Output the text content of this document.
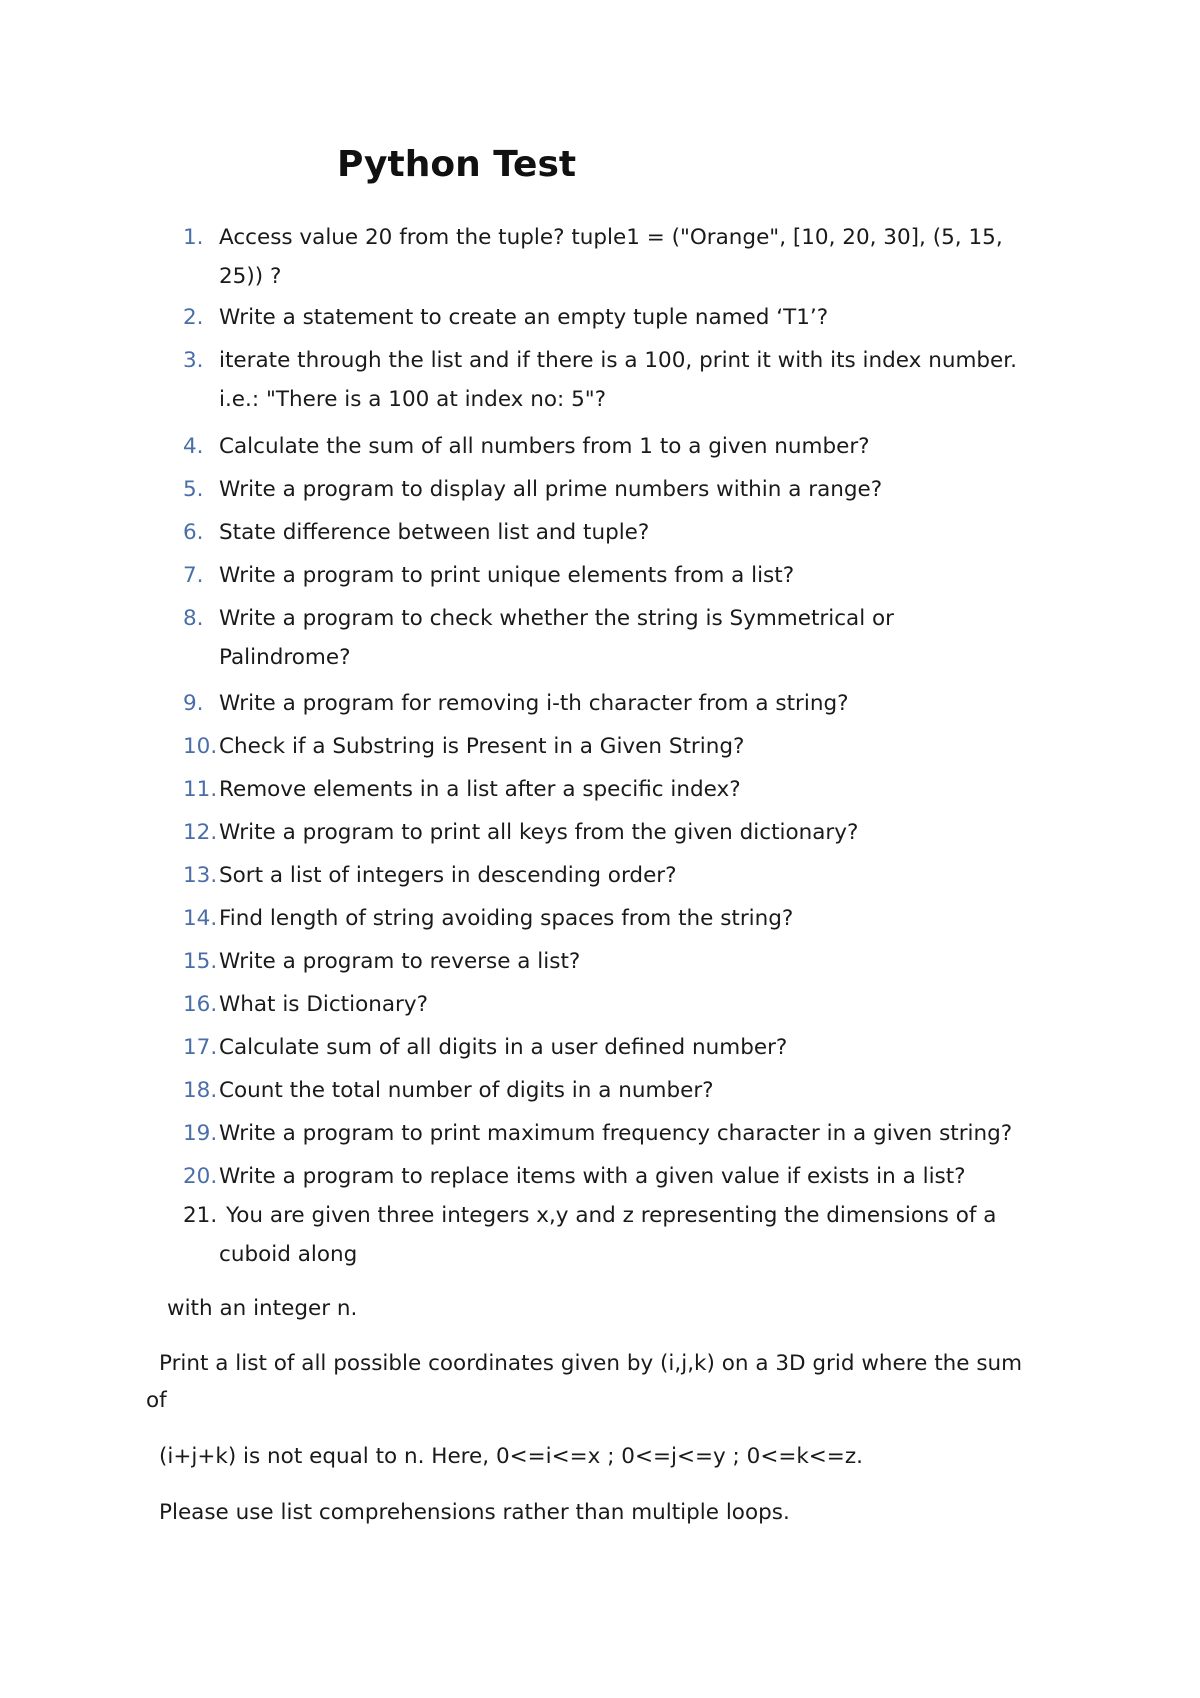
Python Test
1. Access value 20 from the tuple? tuple1 = ("Orange", [10, 20, 30], (5, 15,
25)) ?
2. Write a statement to create an empty tuple named ‘T1’?
3. iterate through the list and if there is a 100, print it with its index number.
i.e.: "There is a 100 at index no: 5"?
4. Calculate the sum of all numbers from 1 to a given number?
5. Write a program to display all prime numbers within a range?
6. State difference between list and tuple?
7. Write a program to print unique elements from a list?
8. Write a program to check whether the string is Symmetrical or
Palindrome?
9. Write a program for removing i-th character from a string?
10. Check if a Substring is Present in a Given String?
11. Remove elements in a list after a specific index?
12. Write a program to print all keys from the given dictionary?
13. Sort a list of integers in descending order?
14. Find length of string avoiding spaces from the string?
15. Write a program to reverse a list?
16. What is Dictionary?
17. Calculate sum of all digits in a user defined number?
18. Count the total number of digits in a number?
19. Write a program to print maximum frequency character in a given string?
20. Write a program to replace items with a given value if exists in a list?
21. You are given three integers x,y and z representing the dimensions of a
cuboid along

with an integer n.

Print a list of all possible coordinates given by (i,j,k) on a 3D grid where the sum
of

(i+j+k) is not equal to n. Here, 0<=i<=x ; 0<=j<=y ; 0<=k<=z.

Please use list comprehensions rather than multiple loops.
